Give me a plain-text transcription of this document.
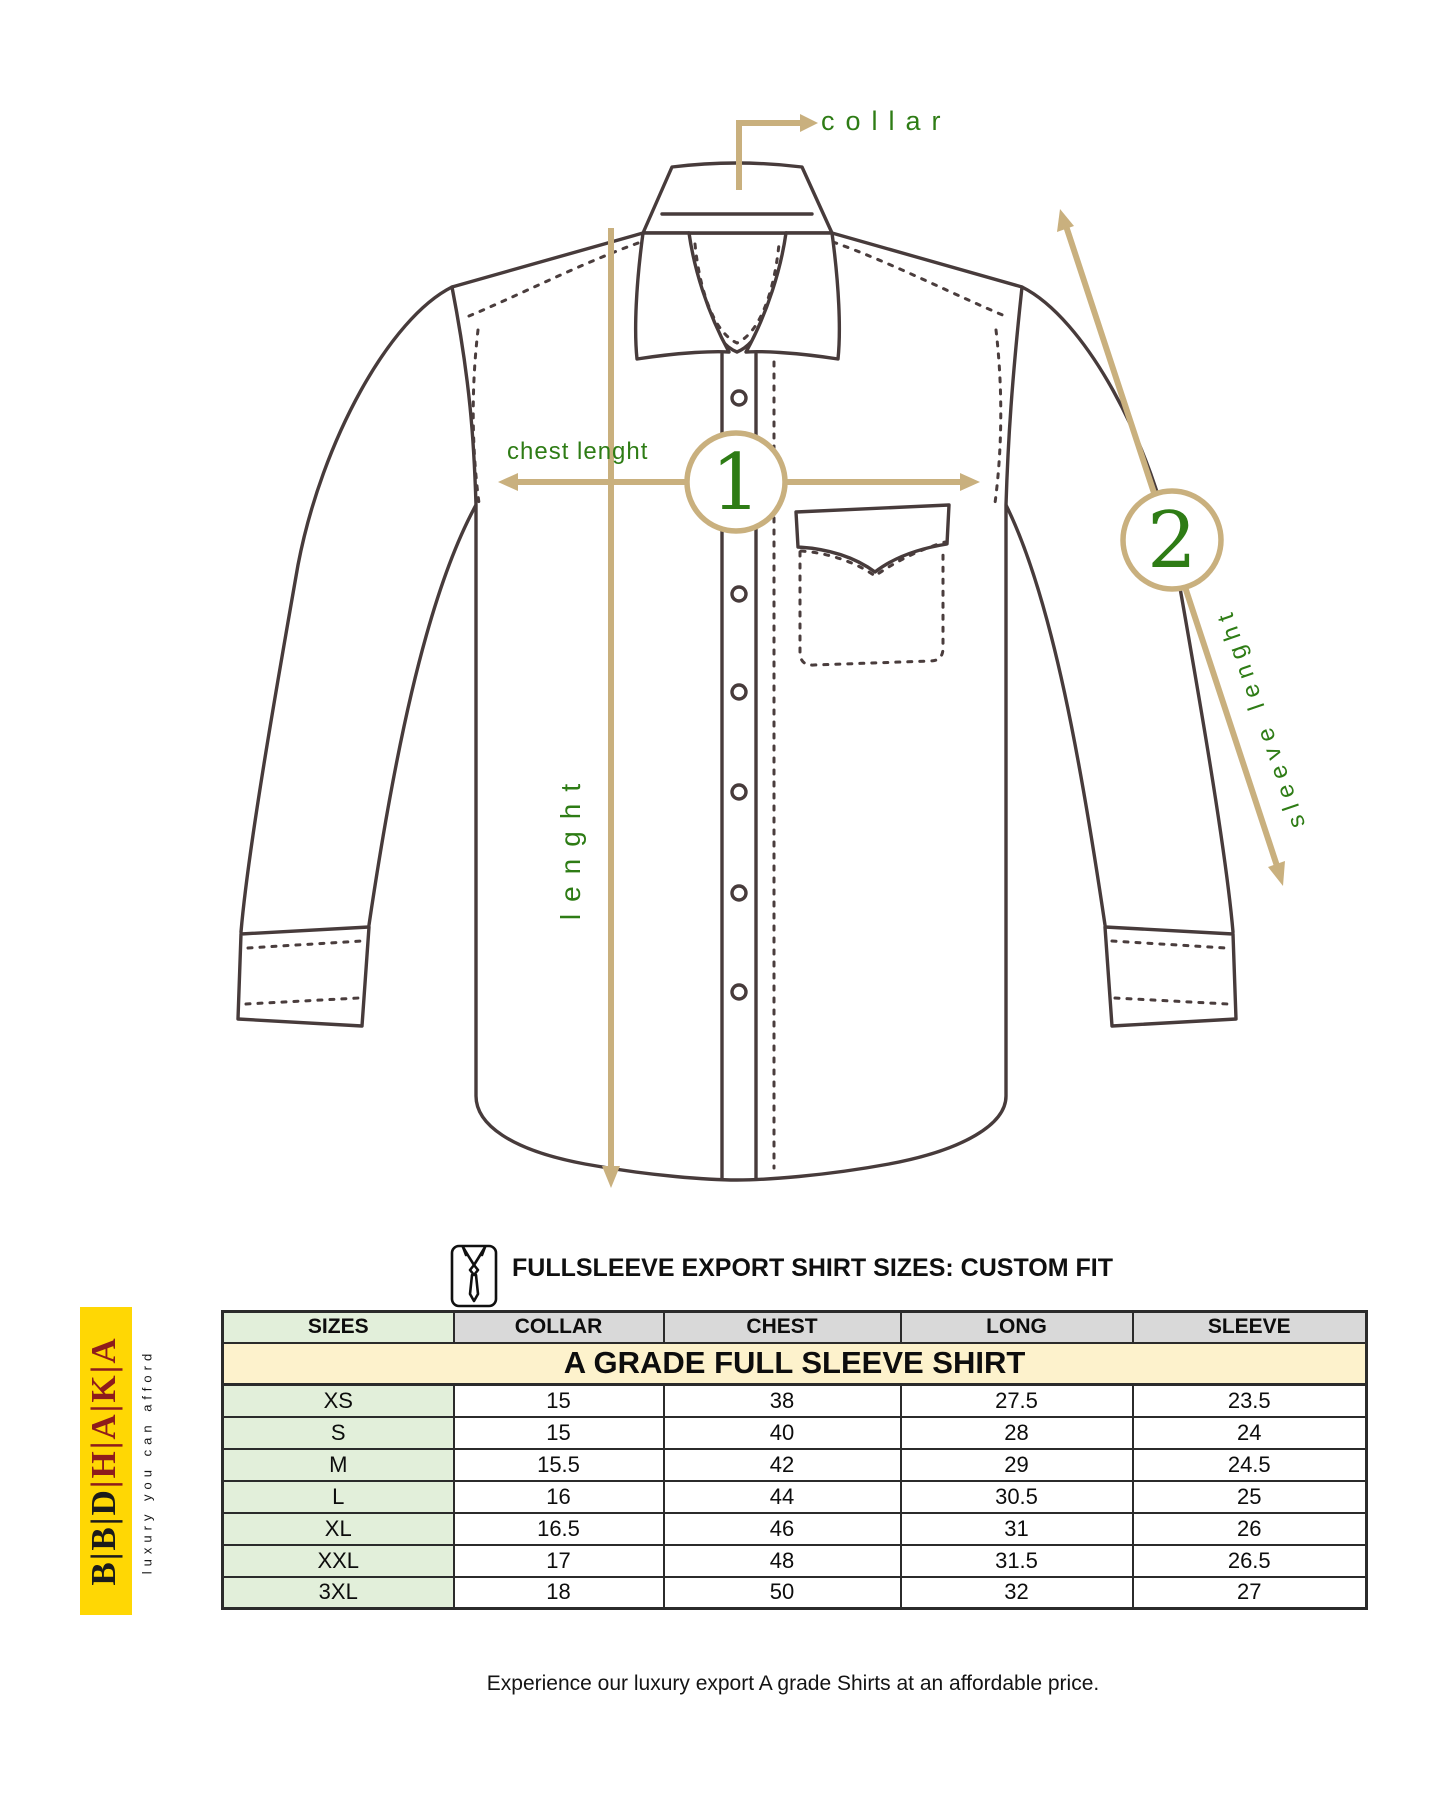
1
2
collar
chest lenght
lenght
sleeve lenght
FULLSLEEVE EXPORT SHIRT SIZES: CUSTOM FIT
A GRADE FULL SLEEVE SHIRT				
SIZES	COLLAR	CHEST	LONG	SLEEVE
XS	15	38	27.5	23.5
S	15	40	28	24
M	15.5	42	29	24.5
L	16	44	30.5	25
XL	16.5	46	31	26
XXL	17	48	31.5	26.5
3XL	18	50	32	27
B|B|D|H|A|K|A	luxury you can afford
Experience our luxury export A grade Shirts at an affordable price.
